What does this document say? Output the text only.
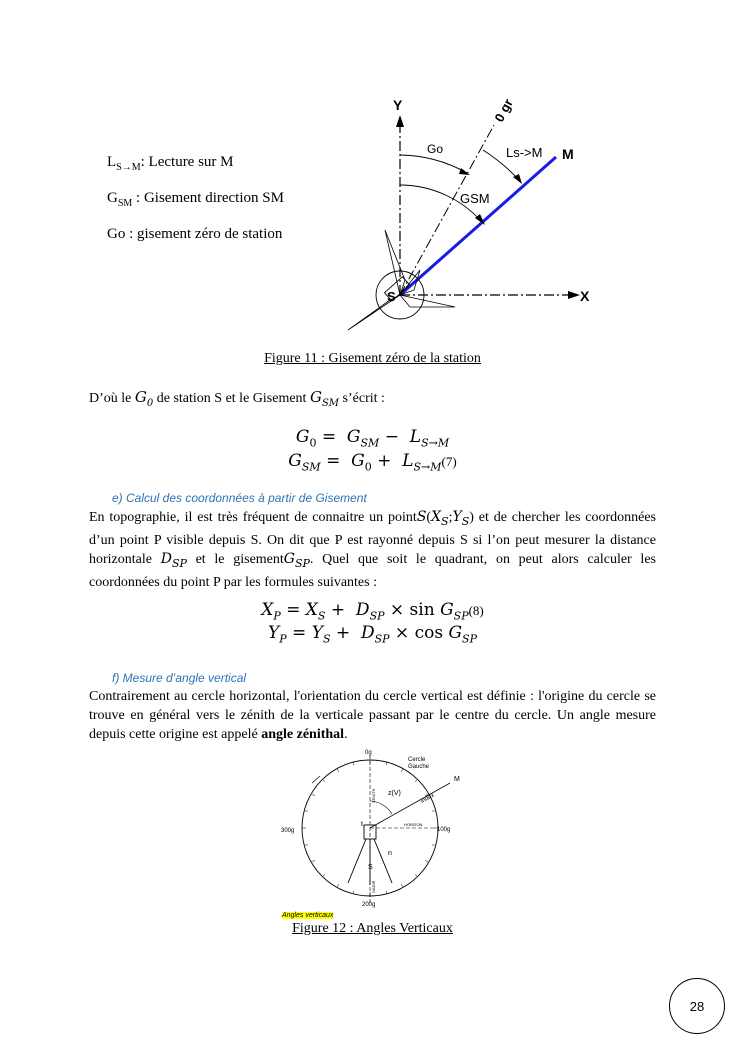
$L_{S\to M}$: Lecture sur M
$G_{SM}$ : Gisement direction SM
Go : gisement zéro de station
Y
X
0 gr
M
Go
GSM
Ls->M
S
Figure 11 : Gisement zéro de la station
D’où le $G_0$ de station S et le Gisement $G_{SM}$ s’écrit :
$G_0 = G_{SM} - L_{S\to M}$
$G_{SM} = G_0 + L_{S\to M}(7)$
e) Calcul des coordonnées à partir de Gisement
En topographie, il est très fréquent de connaitre un $pointS(X_S;Y_S)$ et de chercher les coordonnées d’un point P visible depuis S. On dit que P est rayonné depuis S si l’on peut mesurer la distance horizontale $D_{SP}$ et le gisementG$_{SP}$. Quel que soit le quadrant, on peut alors calculer les coordonnées du point P par les formules suivantes :
$X_P = X_S + D_{SP} \times \sin G_{SP}(8)$
$Y_P = Y_S + D_{SP} \times \cos G_{SP}$
f) Mesure d’angle vertical
Contrairement au cercle horizontal, l'orientation du cercle vertical est définie : l'origine du cercle se trouve en général vers le zénith de la verticale passant par le centre du cercle. Un angle mesure depuis cette origine est appelé angle zénithal.
0g
100g
200g
300g
Cercle
Gauche
M
index
z(V)
ZENITH
HORIZON
t
n
S
NADIR
Angles verticaux
Figure 12 : Angles Verticaux
28
